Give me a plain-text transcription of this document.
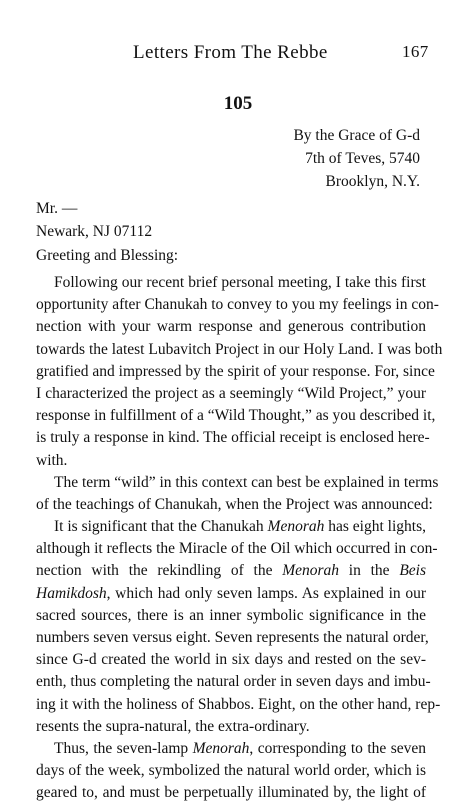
Letters From The Rebbe	167
105
By the Grace of G-d
7th of Teves, 5740
Brooklyn, N.Y.
Mr. —
Newark, NJ 07112
Greeting and Blessing:
Following our recent brief personal meeting, I take this first
opportunity after Chanukah to convey to you my feelings in con-
nection with your warm response and generous contribution
towards the latest Lubavitch Project in our Holy Land. I was both
gratified and impressed by the spirit of your response. For, since
I characterized the project as a seemingly “Wild Project,” your
response in fulfillment of a “Wild Thought,” as you described it,
is truly a response in kind. The official receipt is enclosed here-
with.
The term “wild” in this context can best be explained in terms
of the teachings of Chanukah, when the Project was announced:
It is significant that the Chanukah Menorah has eight lights,
although it reflects the Miracle of the Oil which occurred in con-
nection with the rekindling of the Menorah in the Beis
Hamikdosh, which had only seven lamps. As explained in our
sacred sources, there is an inner symbolic significance in the
numbers seven versus eight. Seven represents the natural order,
since G-d created the world in six days and rested on the sev-
enth, thus completing the natural order in seven days and imbu-
ing it with the holiness of Shabbos. Eight, on the other hand, rep-
resents the supra-natural, the extra-ordinary.
Thus, the seven-lamp Menorah, corresponding to the seven
days of the week, symbolized the natural world order, which is
geared to, and must be perpetually illuminated by, the light of
